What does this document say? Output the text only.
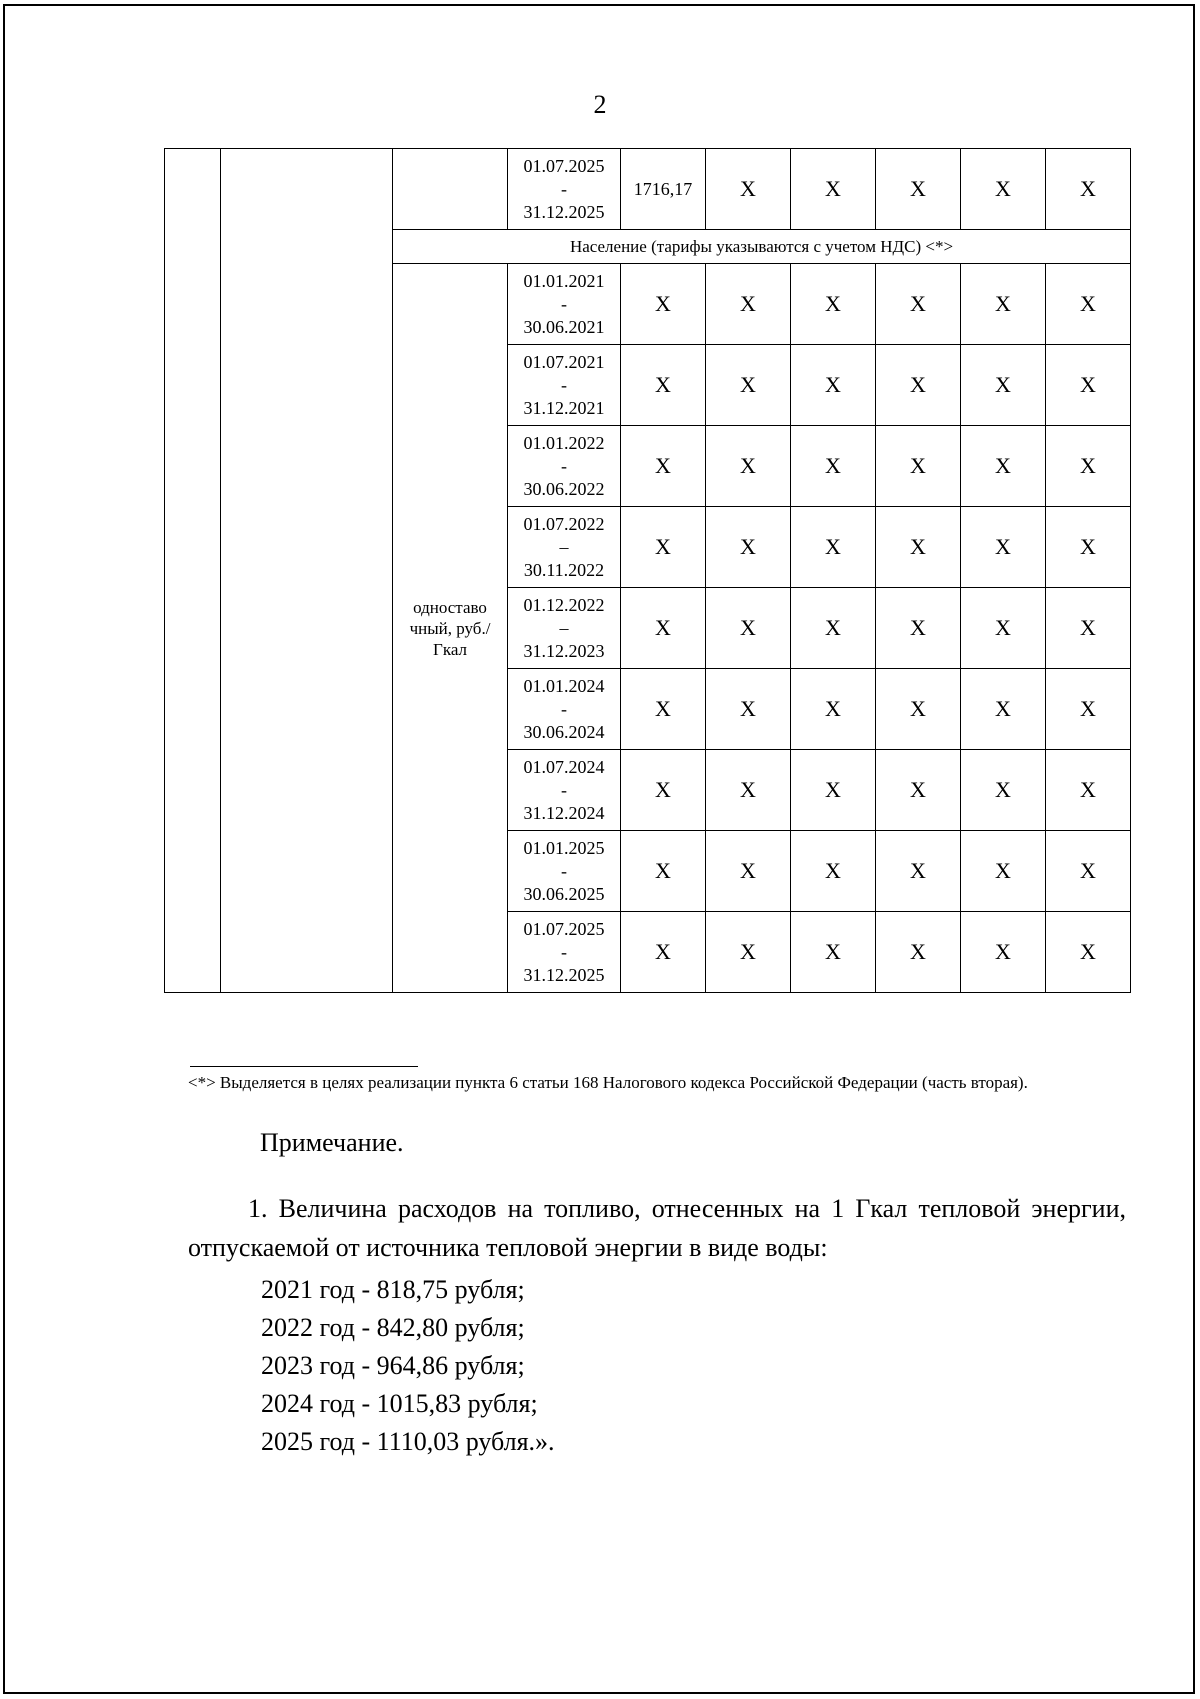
2

			01.07.2025
-
31.12.2025	1716,17	X	X	X	X	X
		Население (тарифы указываются с учетом НДС) <*>							
		одноставо чный, руб./Гкал	01.01.2021
-
30.06.2021	X	X	X	X	X	X

			01.07.2021
-
31.12.2021	X	X	X	X	X	X

			01.01.2022
-
30.06.2022	X	X	X	X	X	X

			01.07.2022
–
30.11.2022	X	X	X	X	X	X

			01.12.2022
–
31.12.2023	X	X	X	X	X	X

			01.01.2024
-
30.06.2024	X	X	X	X	X	X

			01.07.2024
-
31.12.2024	X	X	X	X	X	X

			01.01.2025
-
30.06.2025	X	X	X	X	X	X

			01.07.2025
-
31.12.2025	X	X	X	X	X	X
<*> Выделяется в целях реализации пункта 6 статьи 168 Налогового кодекса Российской Федерации (часть вторая).
Примечание.
1. Величина расходов на топливо, отнесенных на 1 Гкал тепловой энергии, отпускаемой от источника тепловой энергии в виде воды:
2021 год - 818,75 рубля;
2022 год - 842,80 рубля;
2023 год - 964,86 рубля;
2024 год - 1015,83 рубля;
2025 год - 1110,03 рубля.».
